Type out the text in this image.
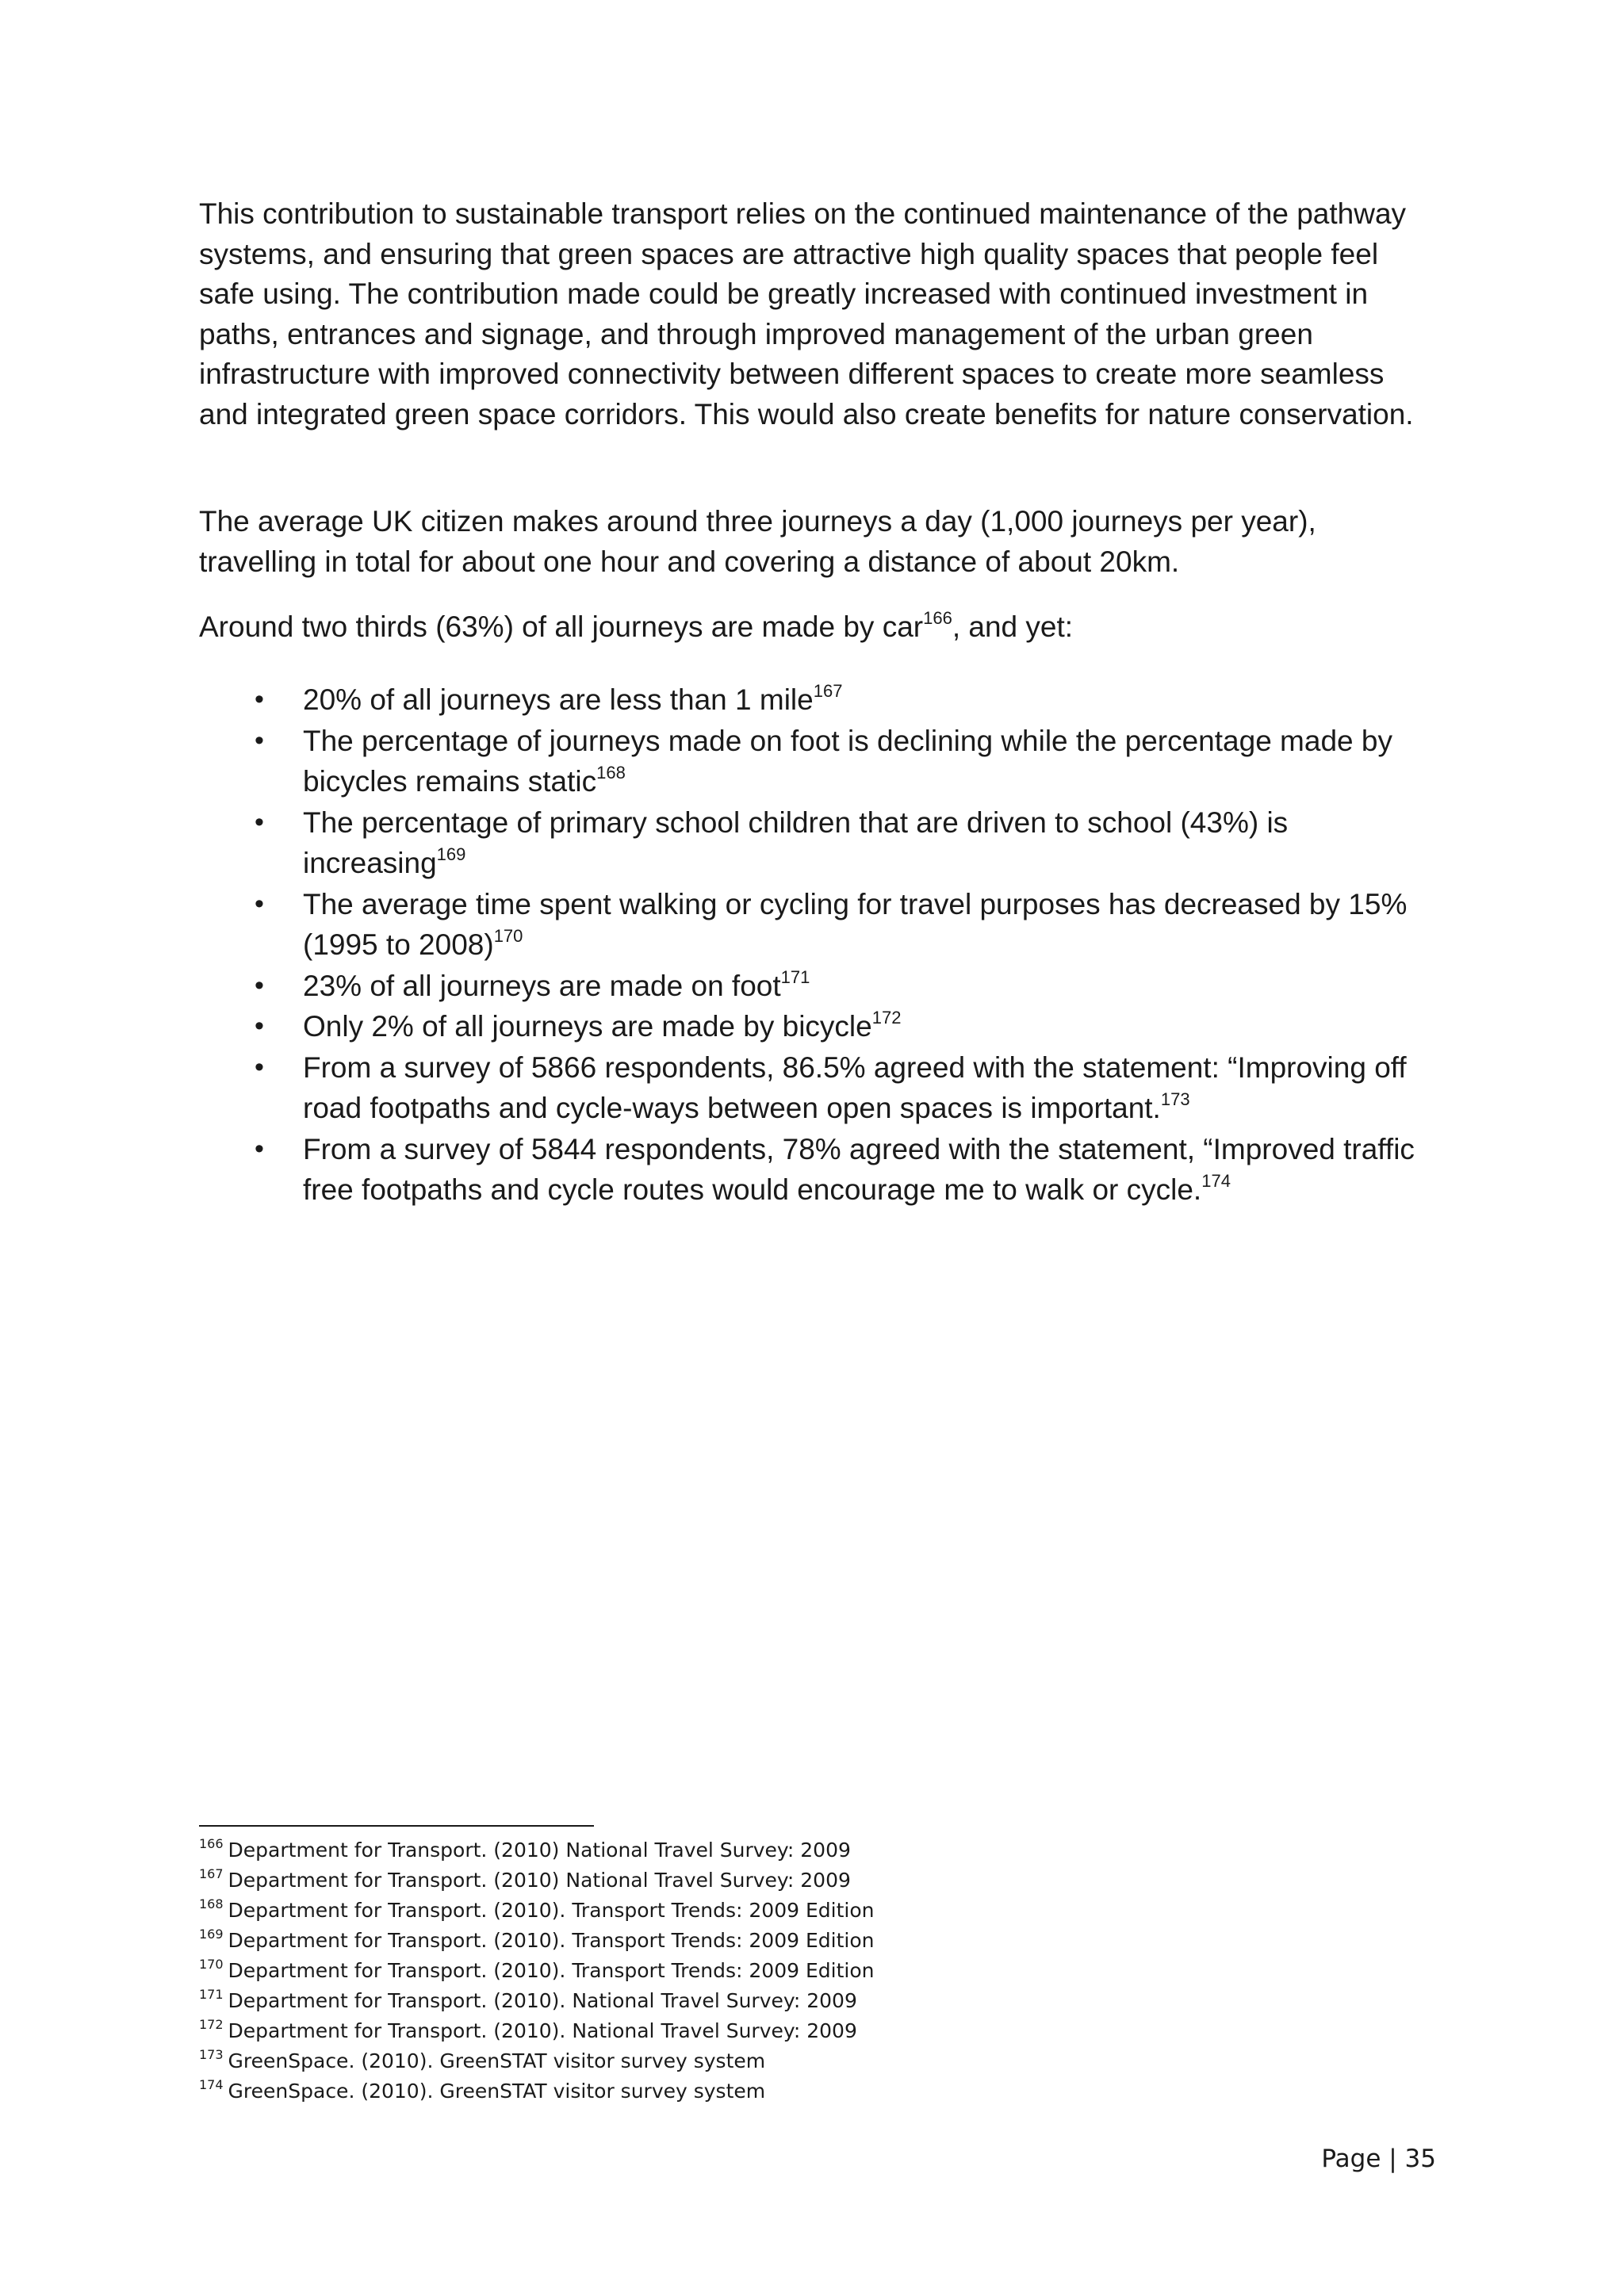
This contribution to sustainable transport relies on the continued maintenance of the pathway systems, and ensuring that green spaces are attractive high quality spaces that people feel safe using. The contribution made could be greatly increased with continued investment in paths, entrances and signage, and through improved management of the urban green infrastructure with improved connectivity between different spaces to create more seamless and integrated green space corridors. This would also create benefits for nature conservation.

The average UK citizen makes around three journeys a day (1,000 journeys per year), travelling in total for about one hour and covering a distance of about 20km.

Around two thirds (63%) of all journeys are made by car$^{166}$, and yet:

• 20% of all journeys are less than 1 mile$^{167}$
• The percentage of journeys made on foot is declining while the percentage made by bicycles remains static$^{168}$
• The percentage of primary school children that are driven to school (43%) is increasing$^{169}$
• The average time spent walking or cycling for travel purposes has decreased by 15% (1995 to 2008)$^{170}$
• 23% of all journeys are made on foot$^{171}$
• Only 2% of all journeys are made by bicycle$^{172}$
• From a survey of 5866 respondents, 86.5% agreed with the statement: “Improving off road footpaths and cycle-ways between open spaces is important.$^{173}$
• From a survey of 5844 respondents, 78% agreed with the statement, “Improved traffic free footpaths and cycle routes would encourage me to walk or cycle.$^{174}$
$^{166}$ Department for Transport. (2010) National Travel Survey: 2009
$^{167}$ Department for Transport. (2010) National Travel Survey: 2009
$^{168}$ Department for Transport. (2010). Transport Trends: 2009 Edition
$^{169}$ Department for Transport. (2010). Transport Trends: 2009 Edition
$^{170}$ Department for Transport. (2010). Transport Trends: 2009 Edition
$^{171}$ Department for Transport. (2010). National Travel Survey: 2009
$^{172}$ Department for Transport. (2010). National Travel Survey: 2009
$^{173}$ GreenSpace. (2010). GreenSTAT visitor survey system
$^{174}$ GreenSpace. (2010). GreenSTAT visitor survey system
Page | 35
